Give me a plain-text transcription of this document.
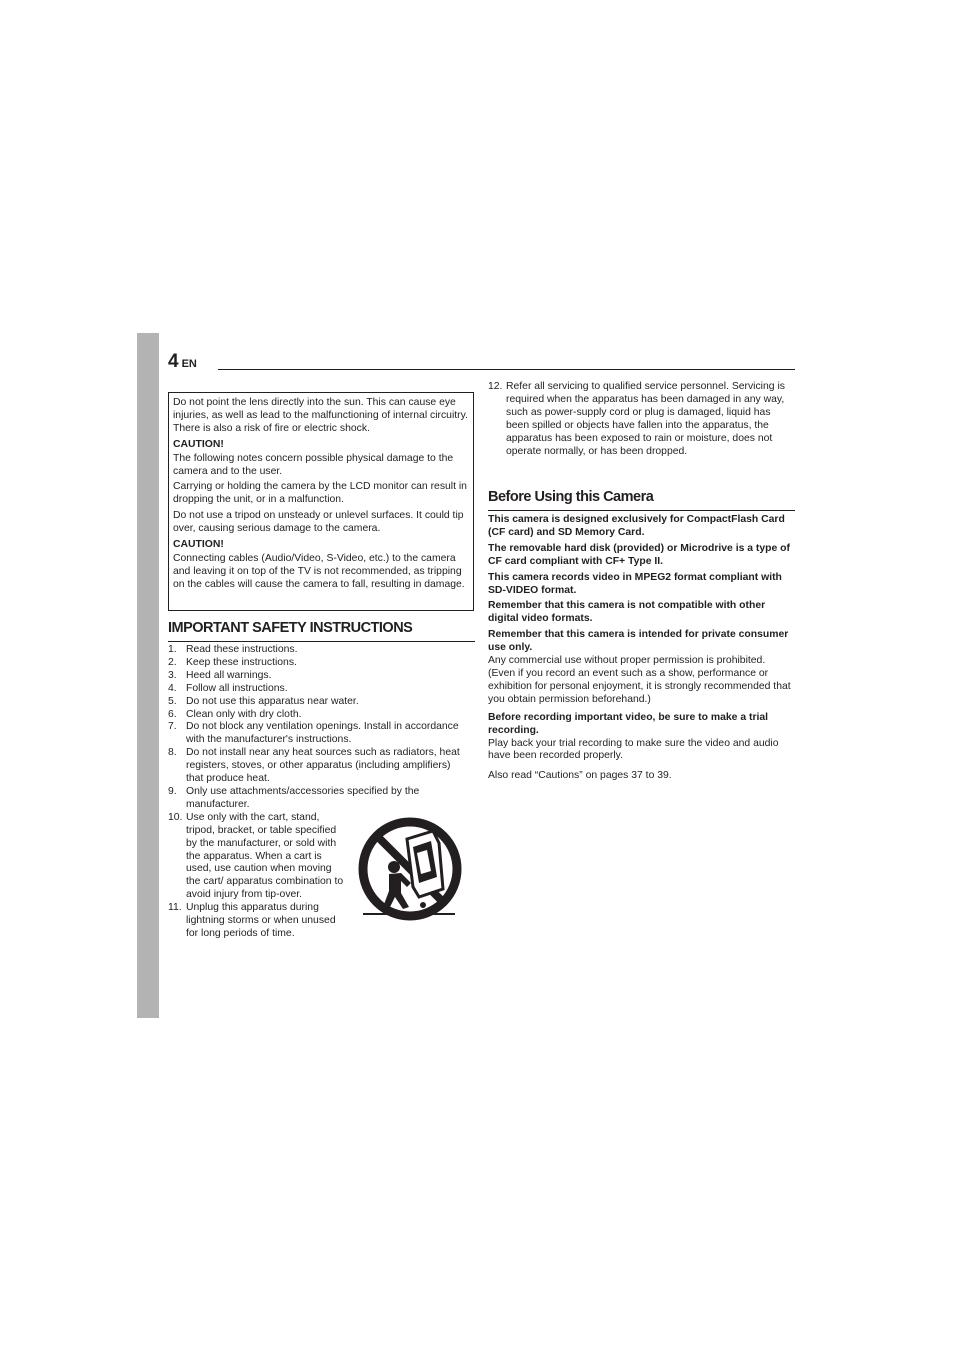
4 EN

Do not point the lens directly into the sun. This can cause eye injuries, as well as lead to the malfunctioning of internal circuitry. There is also a risk of fire or electric shock.

CAUTION!

The following notes concern possible physical damage to the camera and to the user.

Carrying or holding the camera by the LCD monitor can result in dropping the unit, or in a malfunction.

Do not use a tripod on unsteady or unlevel surfaces. It could tip over, causing serious damage to the camera.

CAUTION!

Connecting cables (Audio/Video, S-Video, etc.) to the camera and leaving it on top of the TV is not recommended, as tripping on the cables will cause the camera to fall, resulting in damage.

IMPORTANT SAFETY INSTRUCTIONS
1. Read these instructions.
2. Keep these instructions.
3. Heed all warnings.
4. Follow all instructions.
5. Do not use this apparatus near water.
6. Clean only with dry cloth.
7. Do not block any ventilation openings. Install in accordance with the manufacturer's instructions.
8. Do not install near any heat sources such as radiators, heat registers, stoves, or other apparatus (including amplifiers) that produce heat.
9. Only use attachments/accessories specified by the manufacturer.
10. Use only with the cart, stand, tripod, bracket, or table specified by the manufacturer, or sold with the apparatus. When a cart is used, use caution when moving the cart/ apparatus combination to avoid injury from tip-over.
11. Unplug this apparatus during lightning storms or when unused for long periods of time.
12. Refer all servicing to qualified service personnel. Servicing is required when the apparatus has been damaged in any way, such as power-supply cord or plug is damaged, liquid has been spilled or objects have fallen into the apparatus, the apparatus has been exposed to rain or moisture, does not operate normally, or has been dropped.
Before Using this Camera

This camera is designed exclusively for CompactFlash Card (CF card) and SD Memory Card.

The removable hard disk (provided) or Microdrive is a type of CF card compliant with CF+ Type II.

This camera records video in MPEG2 format compliant with SD-VIDEO format.

Remember that this camera is not compatible with other digital video formats.

Remember that this camera is intended for private consumer use only.

Any commercial use without proper permission is prohibited. (Even if you record an event such as a show, performance or exhibition for personal enjoyment, it is strongly recommended that you obtain permission beforehand.)

Before recording important video, be sure to make a trial recording.

Play back your trial recording to make sure the video and audio have been recorded properly.

Also read “Cautions” on pages 37 to 39.
